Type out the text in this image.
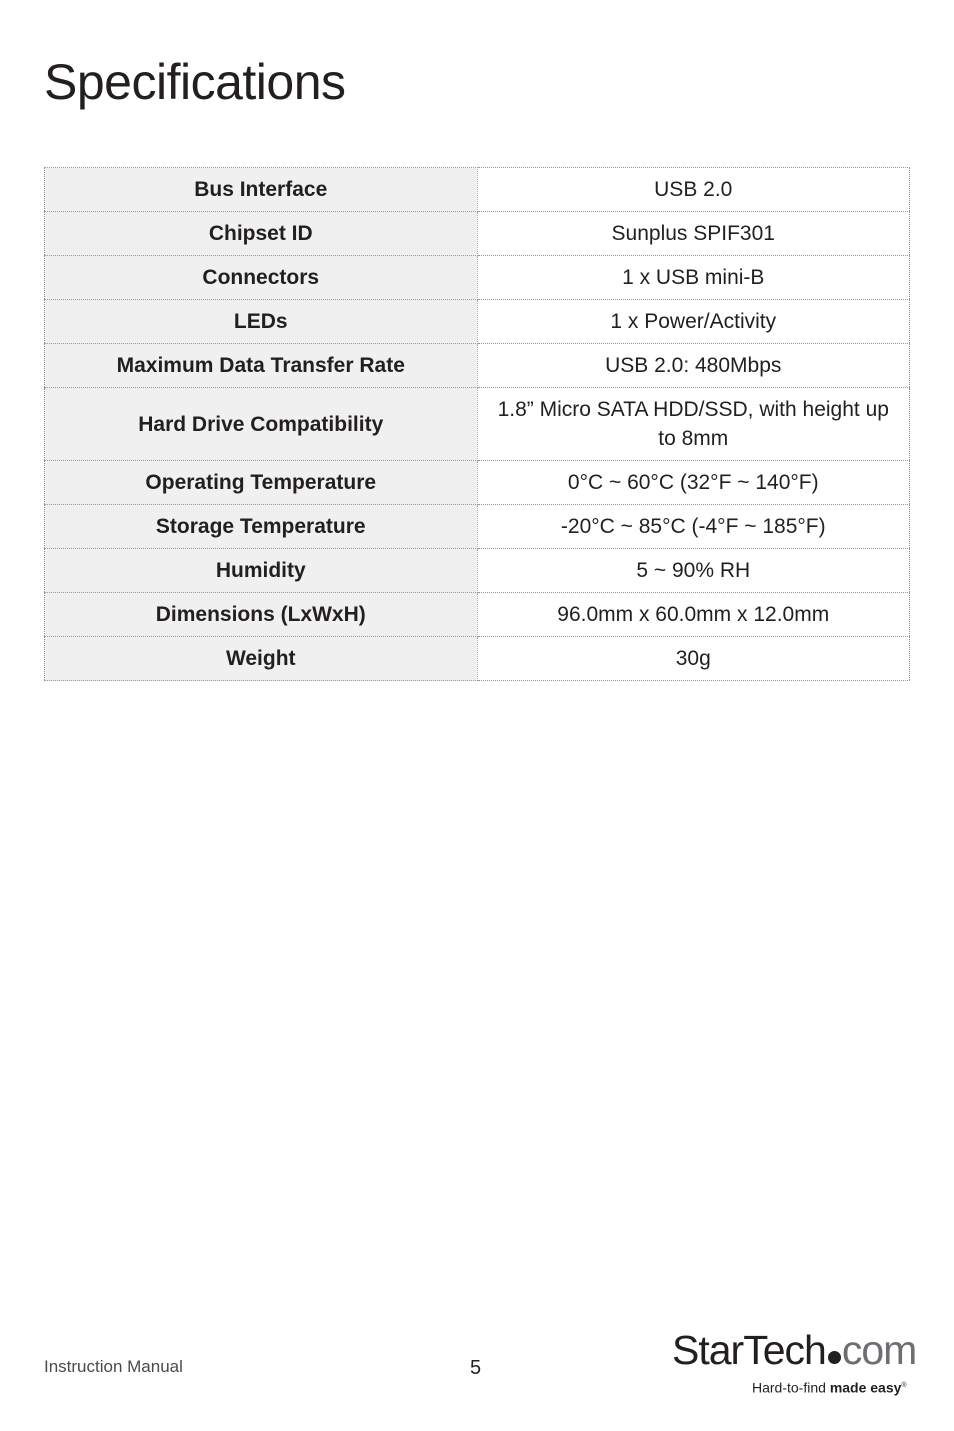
Specifications
Bus Interface	USB 2.0
Chipset ID	Sunplus SPIF301
Connectors	1 x USB mini-B
LEDs	1 x Power/Activity
Maximum Data Transfer Rate	USB 2.0: 480Mbps
Hard Drive Compatibility	1.8” Micro SATA HDD/SSD, with height up to 8mm
Operating Temperature	0°C ~ 60°C (32°F ~ 140°F)
Storage Temperature	-20°C ~ 85°C (-4°F ~ 185°F)
Humidity	5 ~ 90% RH
Dimensions (LxWxH)	96.0mm x 60.0mm x 12.0mm
Weight	30g
Instruction Manual	5	StarTech com
Hard-to-find made easy®
